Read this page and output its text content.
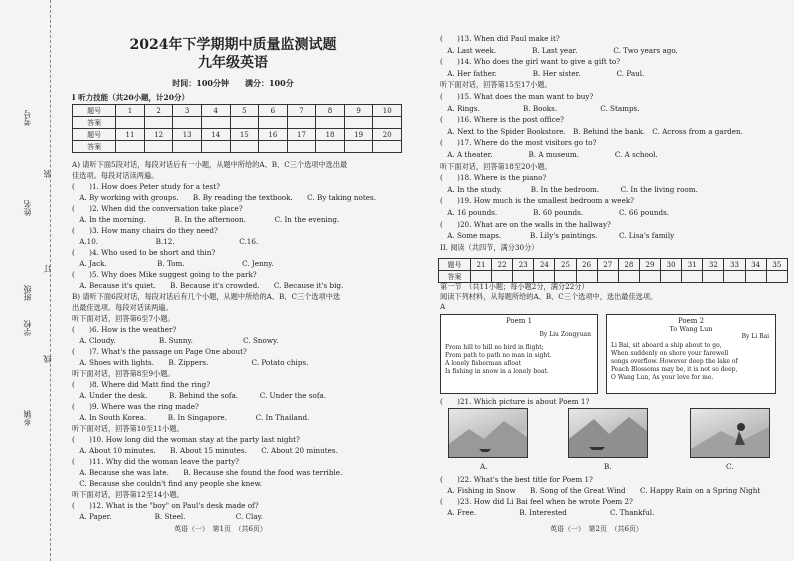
考号
姓名
班级
学校
乡镇
装
订
线
2024年下学期期中质量监测试题
九年级英语
时间：100分钟　　满分：100分
I 听力技能（共20小题，计20分）
题号	1	2	3	4	5	6	7	8	9	10
答案										
题号	11	12	13	14	15	16	17	18	19	20
答案										
A) 请听下面5段对话，每段对话后有一小题，从题中所给的A、B、C三个选项中选出最
佳选项。每段对话读两遍。
(　　)1. How does Peter study for a test?
　A. By working with groups.　　B. By reading the textbook.　　C. By taking notes.
(　　)2. When did the conversation take place?
　A. In the morning.　　　　B. In the afternoon.　　　　C. In the evening.
(　　)3. How many chairs do they need?
　A.10.　　　　　　　　B.12.　　　　　　　　　C.16.
(　　)4. Who used to be short and thin?
　A. Jack.　　　　　　　B. Tom.　　　　　　　　C. Jenny.
(　　)5. Why does Mike suggest going to the park?
　A. Because it's quiet.　　B. Because it's crowded.　　C. Because it's big.
B) 请听下面6段对话，每段对话后有几个小题，从题中所给的A、B、C三个选项中选
出最佳选项。每段对话读两遍。
听下面对话，回答第6至7小题。
(　　)6. How is the weather?
　A. Cloudy.　　　　　　B. Sunny.　　　　　　　C. Snowy.
(　　)7. What's the passage on Page One about?
　A. Shoes with lights.　　B. Zippers.　　　　　　C. Potato chips.
听下面对话，回答第8至9小题。
(　　)8. Where did Matt find the ring?
　A. Under the desk.　　　B. Behind the sofa.　　　C. Under the sofa.
(　　)9. Where was the ring made?
　A. In South Korea.　　　B. In Singapore.　　　　C. In Thailand.
听下面对话，回答第10至11小题。
(　　)10. How long did the woman stay at the party last night?
　A. About 10 minutes.　　B. About 15 minutes.　　C. About 20 minutes.
(　　)11. Why did the woman leave the party?
　A. Because she was late.　　B. Because she found the food was terrible.
　C. Because she couldn't find any people she knew.
听下面对话，回答第12至14小题。
(　　)12. What is the "boy" on Paul's desk made of?
　A. Paper.　　　　　　B. Steel.　　　　　　　C. Clay.
英语（一）　第1页　（共6页）
(　　)13. When did Paul make it?
　A. Last week.　　　　　B. Last year.　　　　　C. Two years ago.
(　　)14. Who does the girl want to give a gift to?
　A. Her father.　　　　　B. Her sister.　　　　　C. Paul.
听下面对话，回答第15至17小题。
(　　)15. What does the man want to buy?
　A. Rings.　　　　　　B. Books.　　　　　　C. Stamps.
(　　)16. Where is the post office?
　A. Next to the Spider Bookstore.　B. Behind the bank.　C. Across from a garden.
(　　)17. Where do the most visitors go to?
　A. A theater.　　　　　B. A museum.　　　　　C. A school.
听下面对话，回答第18至20小题。
(　　)18. Where is the piano?
　A. In the study.　　　　B. In the bedroom.　　　C. In the living room.
(　　)19. How much is the smallest bedroom a week?
　A. 16 pounds.　　　　　B. 60 pounds.　　　　　C. 66 pounds.
(　　)20. What are on the walls in the hallway?
　A. Some maps.　　　　B. Lily's paintings.　　　C. Lisa's family
II. 阅读（共四节，满分30分）
题号	21	22	23	24	25	26	27	28	29	30	31	32	33	34	35
答案															
第一节　（共11小题；每小题2分，满分22分）
阅读下列材料，从每题所给的A、B、C三个选项中，选出最佳选项。
A
Poem 1
By Liu Zongyuan
From hill to hill no bird in flight;
From path to path no man in sight.
A lonely fisherman afloat
Is fishing in snow in a lonely boat.
Poem 2
To Wang Lun
By Li Bai
Li Bai, sit aboard a ship about to go,
When suddenly on shore your farewell
songs overflow. However deep the lake of
Peach Blossoms may be, it is not so deep,
O Wang Lun, As your love for me.
(　　)21. Which picture is about Poem 1?
A.	B.	C.
(　　)22. What's the best title for Poem 1?
　A. Fishing in Snow　　B. Song of the Great Wind　　C. Happy Rain on a Spring Night
(　　)23. How did Li Bai feel when he wrote Poem 2?
　A. Free.　　　　　　B. Interested　　　　　　C. Thankful.
英语（一）　第2页　（共6页）
